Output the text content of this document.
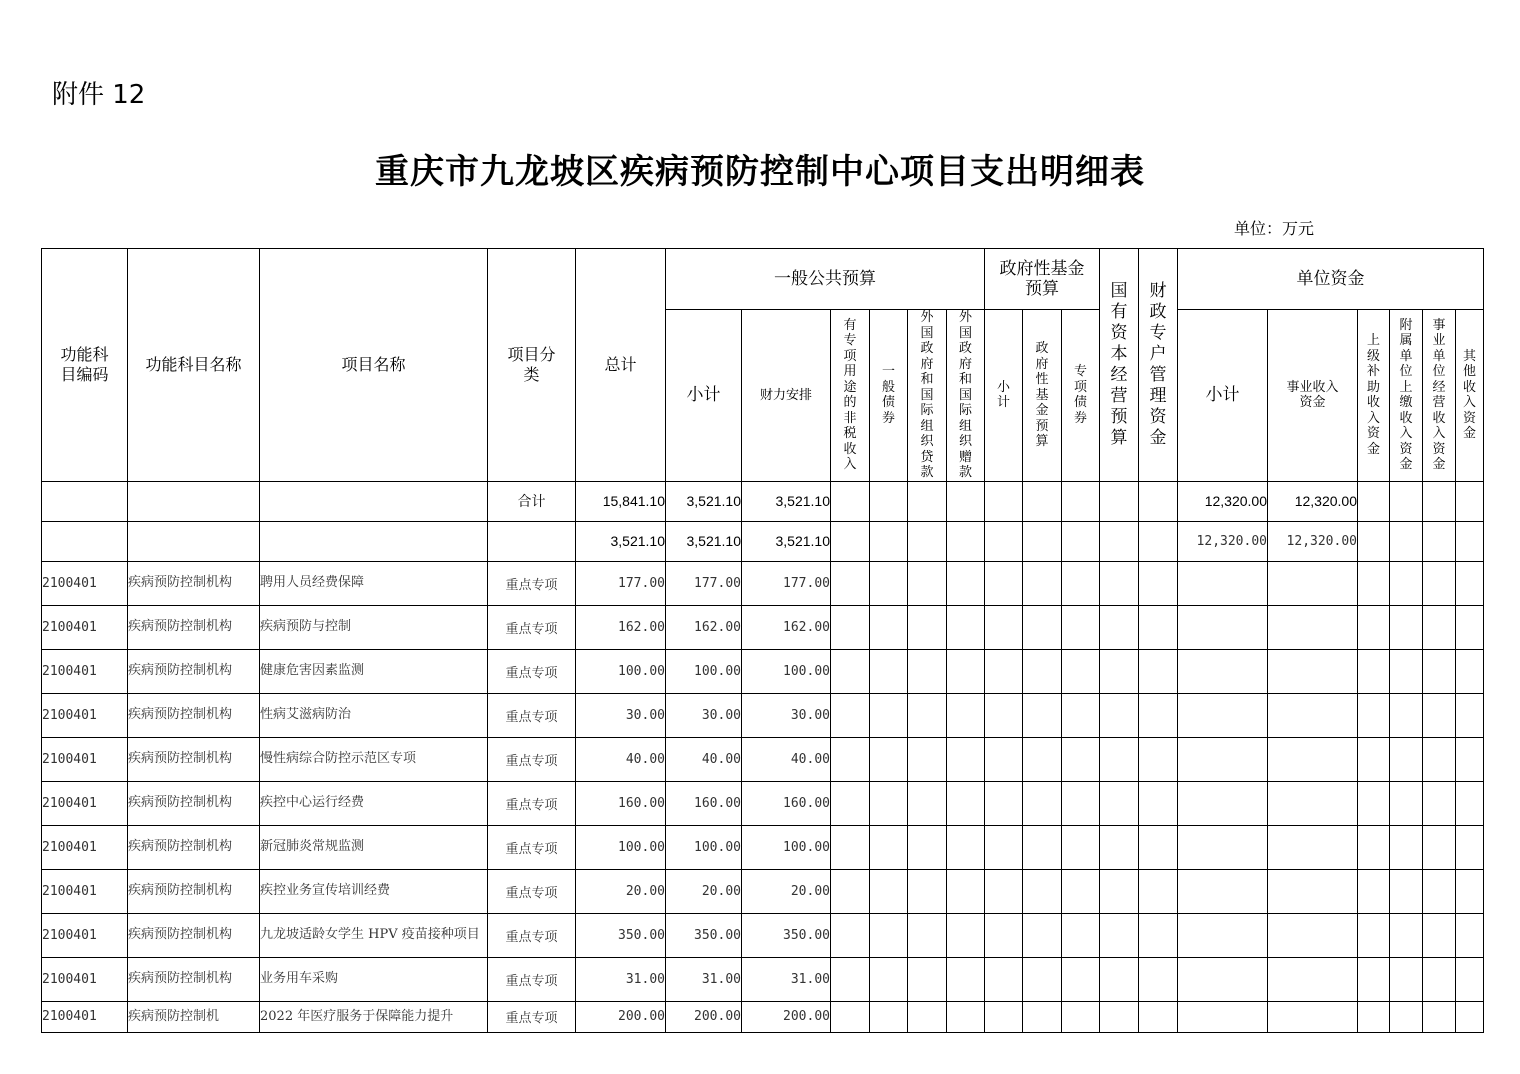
附件 12
重庆市九龙坡区疾病预防控制中心项目支出明细表
单位：万元
功能科目编码	功能科目名称	项目名称	项目分类	总计	一般公共预算						政府性基金预算			国有资本经营预算	财政专户管理资金	单位资金					
					小计	财力安排	有专项用途的非税收入	一般债券	外国政府和国际组织贷款	外国政府和国际组织赠款	小计	政府性基金预算	专项债券			小计	事业收入资金	上级补助收入资金	附属单位上缴收入资金	事业单位经营收入资金	其他收入资金

			合计	15,841.10	3,521.10	3,521.10										12,320.00	12,320.00				
				3,521.10	3,521.10	3,521.10										12,320.00	12,320.00				
2100401	疾病预防控制机构	聘用人员经费保障	重点专项	177.00	177.00	177.00															
2100401	疾病预防控制机构	疾病预防与控制	重点专项	162.00	162.00	162.00															
2100401	疾病预防控制机构	健康危害因素监测	重点专项	100.00	100.00	100.00															
2100401	疾病预防控制机构	性病艾滋病防治	重点专项	30.00	30.00	30.00															
2100401	疾病预防控制机构	慢性病综合防控示范区专项	重点专项	40.00	40.00	40.00															
2100401	疾病预防控制机构	疾控中心运行经费	重点专项	160.00	160.00	160.00															
2100401	疾病预防控制机构	新冠肺炎常规监测	重点专项	100.00	100.00	100.00															
2100401	疾病预防控制机构	疾控业务宣传培训经费	重点专项	20.00	20.00	20.00															
2100401	疾病预防控制机构	九龙坡适龄女学生 HPV 疫苗接种项目	重点专项	350.00	350.00	350.00															
2100401	疾病预防控制机构	业务用车采购	重点专项	31.00	31.00	31.00															
2100401	疾病预防控制机	2022 年医疗服务于保障能力提升	重点专项	200.00	200.00	200.00															
